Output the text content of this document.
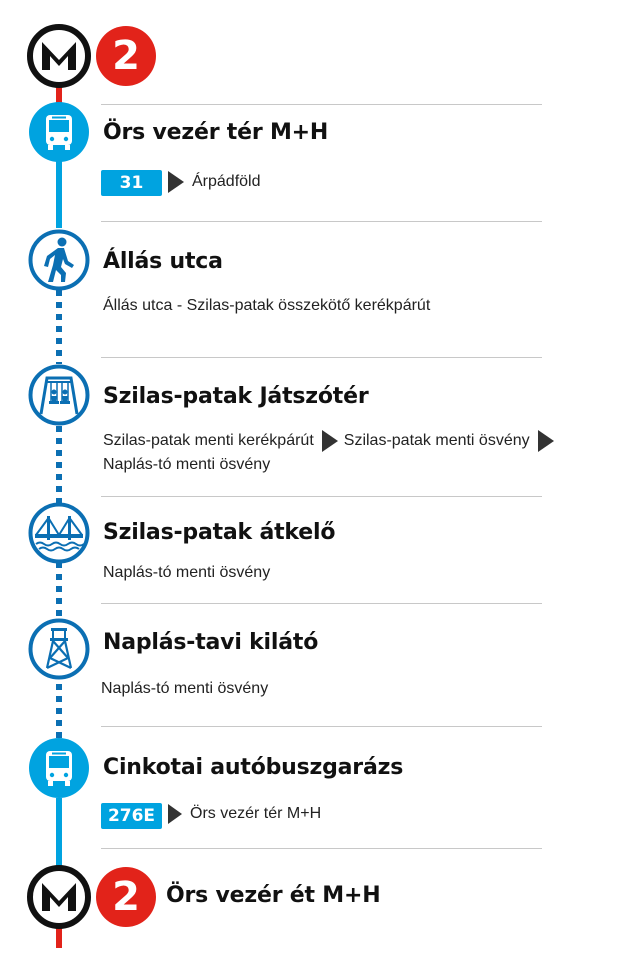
2
Örs vezér tér M+H
31	Árpádföld
Állás utca
Állás utca - Szilas-patak összekötő kerékpárút
Szilas-patak Játszótér
Szilas-patak menti kerékpárút Szilas-patak menti ösvény
Naplás-tó menti ösvény
Szilas-patak átkelő
Naplás-tó menti ösvény
Naplás-tavi kilátó
Naplás-tó menti ösvény
Cinkotai autóbuszgarázs
276E	Örs vezér tér M+H
2	Örs vezér ét M+H
